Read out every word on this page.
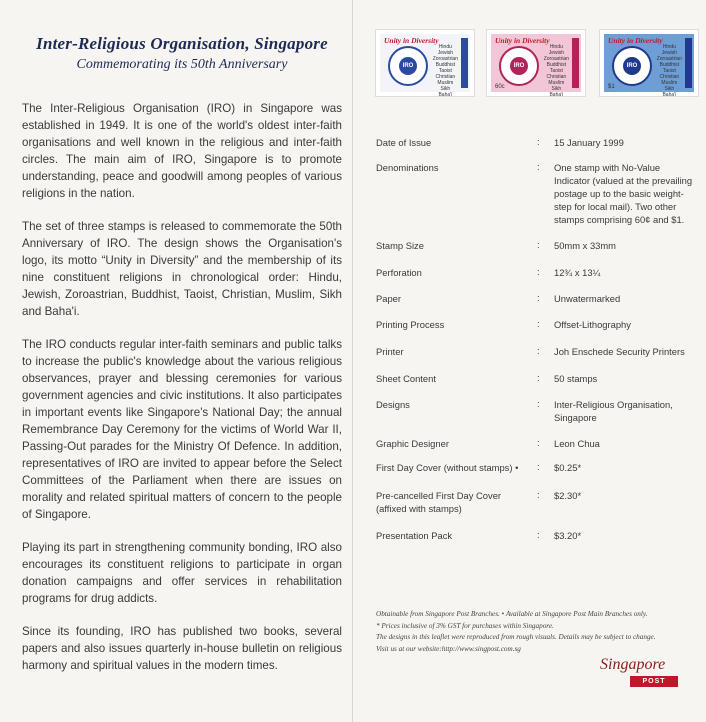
Inter-Religious Organisation, Singapore
Commemorating its 50th Anniversary

The Inter-Religious Organisation (IRO) in Singapore was established in 1949. It is one of the world's oldest inter-faith organisations and well known in the religious and inter-faith circles. The main aim of IRO, Singapore is to promote understanding, peace and goodwill among peoples of various religions in the nation.

The set of three stamps is released to commemorate the 50th Anniversary of IRO. The design shows the Organisation's logo, its motto “Unity in Diversity” and the membership of its nine constituent religions in chronological order: Hindu, Jewish, Zoroastrian, Buddhist, Taoist, Christian, Muslim, Sikh and Baha'i.

The IRO conducts regular inter-faith seminars and public talks to increase the public's knowledge about the various religious observances, prayer and blessing ceremonies for various government agencies and civic institutions. It also participates in important events like Singapore's National Day; the annual Remembrance Day Ceremony for the victims of World War II, Passing-Out parades for the Ministry Of Defence. In addition, representatives of IRO are invited to appear before the Select Committees of the Parliament when there are issues on morality and related spiritual matters of concern to the people of Singapore.

Playing its part in strengthening community bonding, IRO also encourages its constituent religions to participate in organ donation campaigns and offer services in rehabilitation programs for drug addicts.

Since its founding, IRO has published two books, several papers and also issues quarterly in-house bulletin on religious harmony and spiritual values in the modern times.

Unity in Diversity
IRO
Hindu
Jewish
Zoroastrian
Buddhist
Taoist
Christian
Muslim
Sikh
Baha'i
Unity in Diversity
IRO
Hindu
Jewish
Zoroastrian
Buddhist
Taoist
Christian
Muslim
Sikh
Baha'i
60c
Unity in Diversity
IRO
Hindu
Jewish
Zoroastrian
Buddhist
Taoist
Christian
Muslim
Sikh
Baha'i
$1
Date of Issue	: 15 January 1999
Denominations	: One stamp with No-Value Indicator (valued at the prevailing postage up to the basic weight-step for local mail). Two other stamps comprising 60¢ and $1.
Stamp Size	: 50mm x 33mm
Perforation	: 12¾ x 13¼
Paper	: Unwatermarked
Printing Process	: Offset-Lithography
Printer	: Joh Enschede Security Printers
Sheet Content	: 50 stamps
Designs	: Inter-Religious Organisation, Singapore
Graphic Designer	: Leon Chua
First Day Cover (without stamps) •	: $0.25*
Pre-cancelled First Day Cover (affixed with stamps)
: $2.30*
Presentation Pack	: $3.20*
Obtainable from Singapore Post Branches. • Available at Singapore Post Main Branches only.
* Prices inclusive of 3% GST for purchases within Singapore.
The designs in this leaflet were reproduced from rough visuals. Details may be subject to change.
Visit us at our website:http://www.singpost.com.sg
Singapore
POST
